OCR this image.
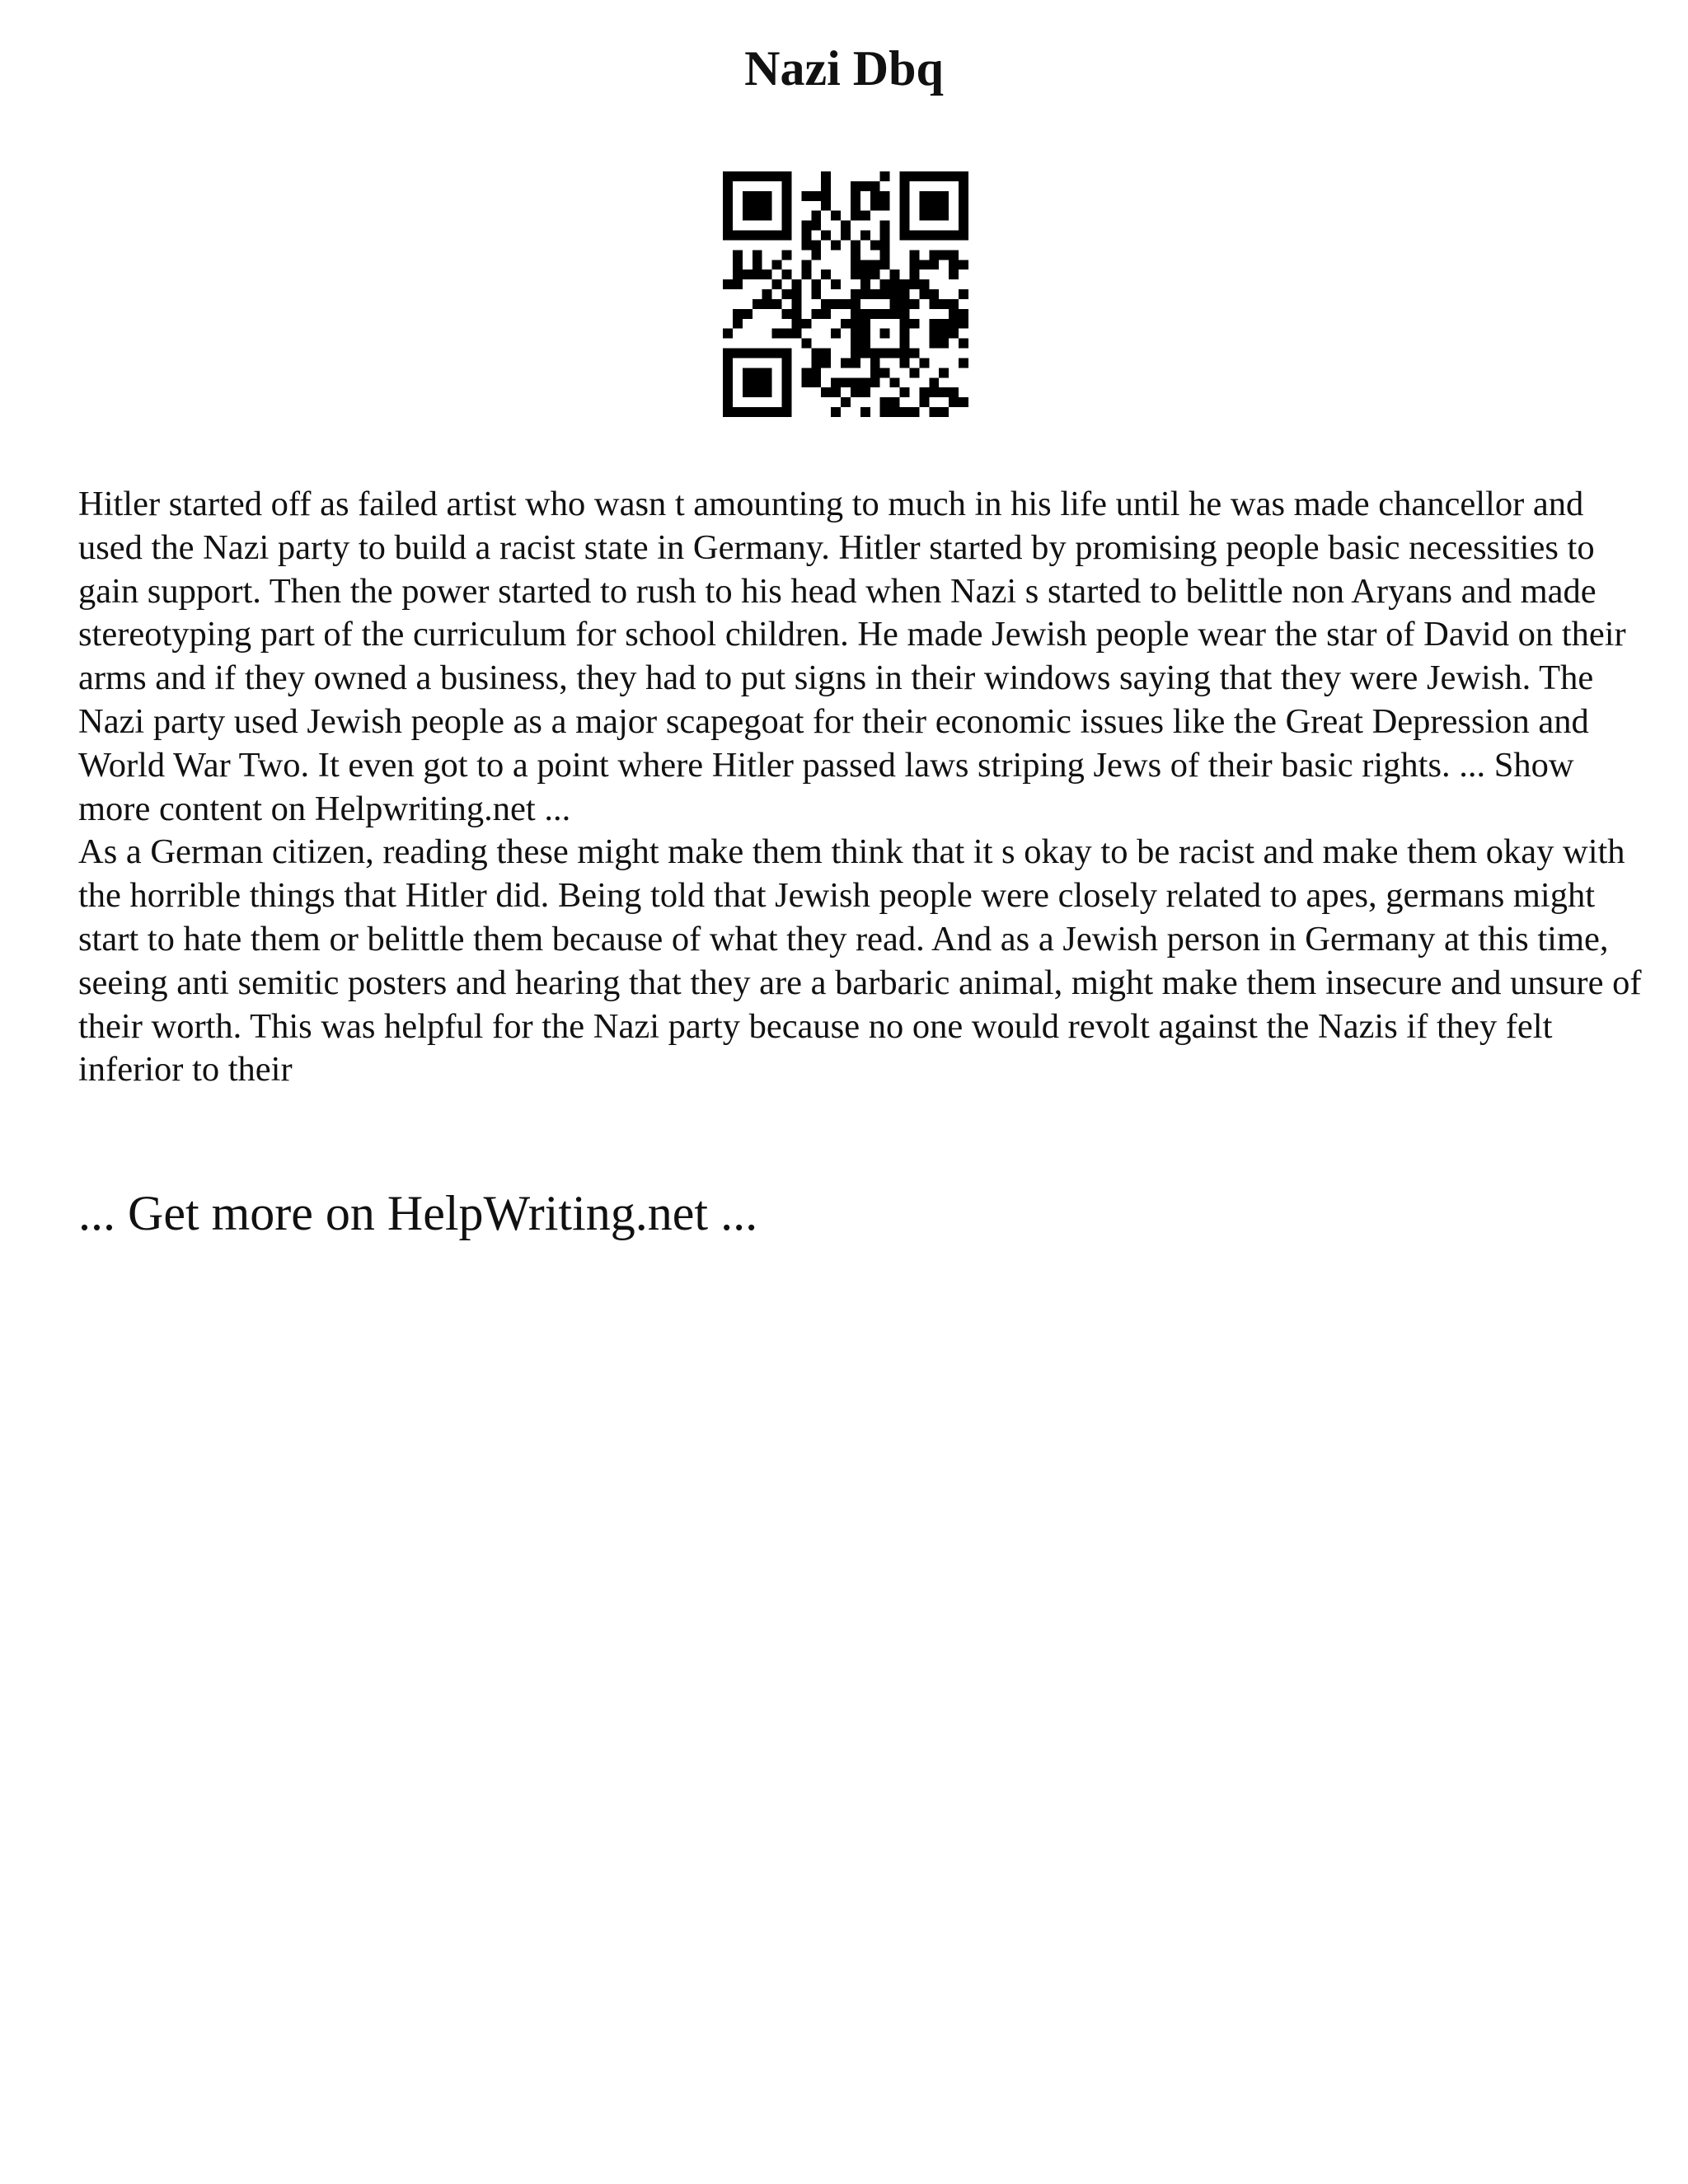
Nazi Dbq

Hitler started off as failed artist who wasn t amounting to much in his life until he was made chancellor and used the Nazi party to build a racist state in Germany. Hitler started by promising people basic necessities to gain support. Then the power started to rush to his head when Nazi s started to belittle non Aryans and made stereotyping part of the curriculum for school children. He made Jewish people wear the star of David on their arms and if they owned a business, they had to put signs in their windows saying that they were Jewish. The Nazi party used Jewish people as a major scapegoat for their economic issues like the Great Depression and World War Two. It even got to a point where Hitler passed laws striping Jews of their basic rights. ... Show more content on Helpwriting.net ...

As a German citizen, reading these might make them think that it s okay to be racist and make them okay with the horrible things that Hitler did. Being told that Jewish people were closely related to apes, germans might start to hate them or belittle them because of what they read. And as a Jewish person in Germany at this time, seeing anti semitic posters and hearing that they are a barbaric animal, might make them insecure and unsure of their worth. This was helpful for the Nazi party because no one would revolt against the Nazis if they felt inferior to their

... Get more on HelpWriting.net ...
